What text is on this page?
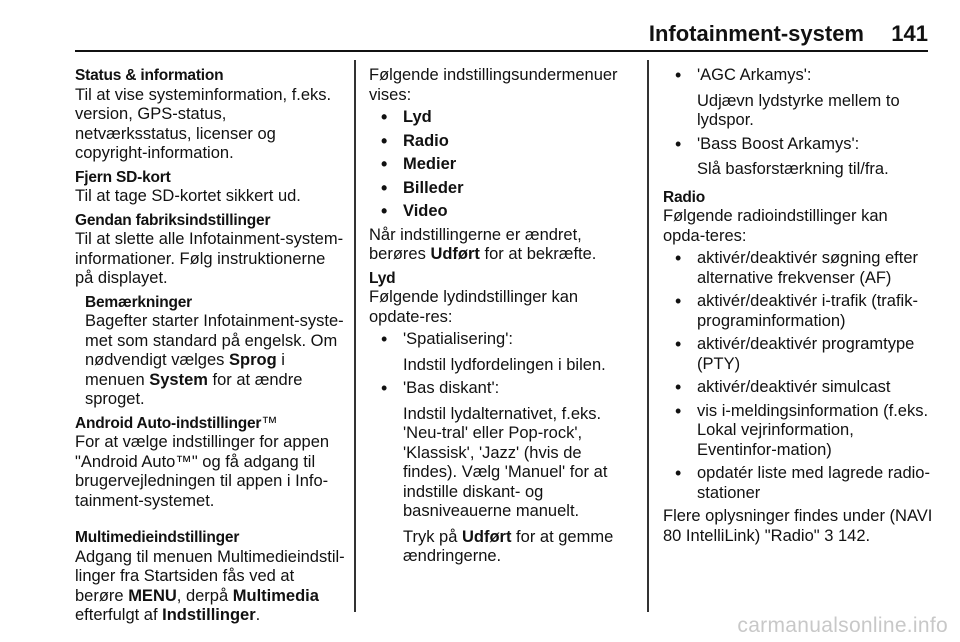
Infotainment-system 141

Status & information

Til at vise systeminformation, f.eks. version, GPS-status, netværksstatus, licenser og copyright-information.

Fjern SD-kort

Til at tage SD-kortet sikkert ud.

Gendan fabriksindstillinger

Til at slette alle Infotainment-system-informationer. Følg instruktionerne på displayet.

Bemærkninger

Bagefter starter Infotainment-syste-met som standard på engelsk. Om nødvendigt vælges Sprog i menuen System for at ændre sproget.

Android Auto-indstillinger™

For at vælge indstillinger for appen "Android Auto™" og få adgang til brugervejledningen til appen i Info-tainment-systemet.

Multimedieindstillinger

Adgang til menuen Multimedieindstil-linger fra Startsiden fås ved at berøre MENU, derpå Multimedia efterfulgt af Indstillinger.

Følgende indstillingsundermenuer vises:

• Lyd
• Radio
• Medier
• Billeder
• Video

Når indstillingerne er ændret, berøres Udført for at bekræfte.

Lyd

Følgende lydindstillinger kan opdate-res:

• 'Spatialisering':
Indstil lydfordelingen i bilen.
• 'Bas diskant':
Indstil lydalternativet, f.eks. 'Neu-tral' eller Pop-rock', 'Klassisk', 'Jazz' (hvis de findes). Vælg 'Manuel' for at indstille diskant- og basniveauerne manuelt.
Tryk på Udført for at gemme ændringerne.
• 'AGC Arkamys':
Udjævn lydstyrke mellem to lydspor.
• 'Bass Boost Arkamys':
Slå basforstærkning til/fra.

Radio

Følgende radioindstillinger kan opda-teres:

• aktivér/deaktivér søgning efter alternative frekvenser (AF)
• aktivér/deaktivér i-trafik (trafik-programinformation)
• aktivér/deaktivér programtype (PTY)
• aktivér/deaktivér simulcast
• vis i-meldingsinformation (f.eks. Lokal vejrinformation, Eventinfor-mation)
• opdatér liste med lagrede radio-stationer

Flere oplysninger findes under (NAVI 80 IntelliLink) "Radio" 3 142.

carmanualsonline.info
